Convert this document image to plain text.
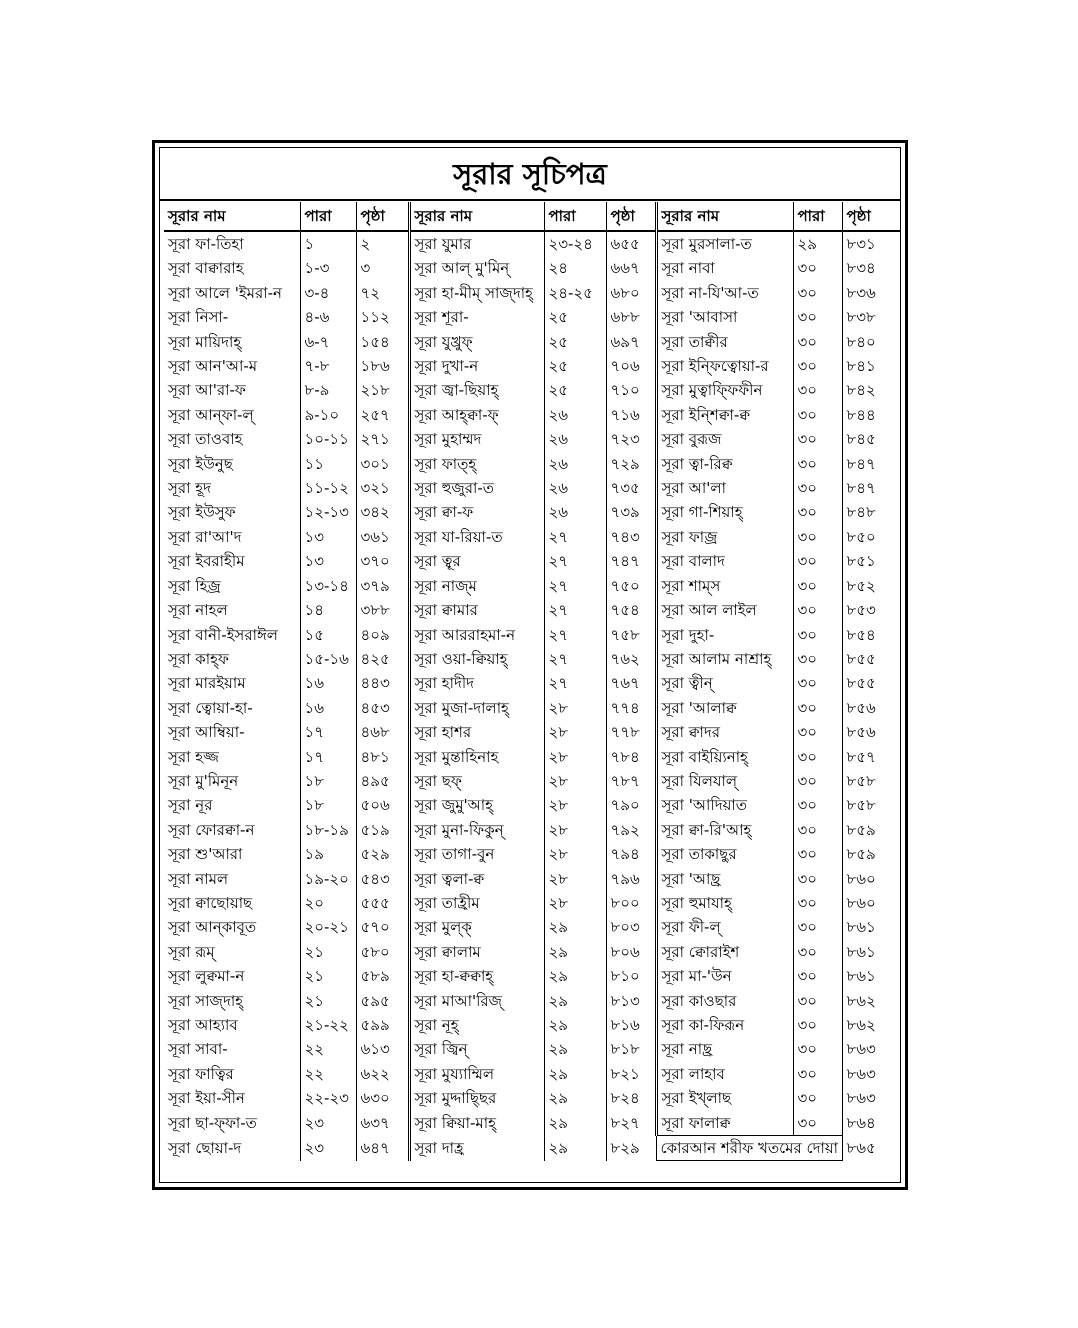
সূরার সূচিপত্র
সূরার নাম	পারা	পৃষ্ঠা	সূরার নাম	পারা	পৃষ্ঠা	সূরার নাম	পারা	পৃষ্ঠা
সূরা ফা-তিহা	১	২	সূরা যুমার	২৩-২৪	৬৫৫	সূরা মুরসালা-ত	২৯	৮৩১
সূরা বাক্বারাহ	১-৩	৩	সূরা আল্ মু'মিন্	২৪	৬৬৭	সূরা নাবা	৩০	৮৩৪
সূরা আলে 'ইমরা-ন	৩-৪	৭২	সূরা হা-মীম্ সাজ্দাহ্	২৪-২৫	৬৮০	সূরা না-যি'আ-ত	৩০	৮৩৬
সূরা নিসা-	৪-৬	১১২	সূরা শূরা-	২৫	৬৮৮	সূরা 'আবাসা	৩০	৮৩৮
সূরা মায়িদাহ্	৬-৭	১৫৪	সূরা যুখ্রুফ্	২৫	৬৯৭	সূরা তাক্বীর	৩০	৮৪০
সূরা আন'আ-ম	৭-৮	১৮৬	সূরা দুখা-ন	২৫	৭০৬	সূরা ইন্ফিত্বোয়া-র	৩০	৮৪১
সূরা আ'রা-ফ	৮-৯	২১৮	সূরা জ্বা-ছিয়াহ্	২৫	৭১০	সূরা মুত্বাফ্ফিফীন	৩০	৮৪২
সূরা আন্ফা-ল্	৯-১০	২৫৭	সূরা আহ্ক্বা-ফ্	২৬	৭১৬	সূরা ইন্শিক্বা-ক্ব	৩০	৮৪৪
সূরা তাওবাহ	১০-১১	২৭১	সূরা মুহাম্মদ	২৬	৭২৩	সূরা বুরূজ	৩০	৮৪৫
সূরা ইউনুছ	১১	৩০১	সূরা ফাত্হ্	২৬	৭২৯	সূরা ত্বা-রিক্ব	৩০	৮৪৭
সূরা হূদ	১১-১২	৩২১	সূরা হুজুরা-ত	২৬	৭৩৫	সূরা আ'লা	৩০	৮৪৭
সূরা ইউসুফ	১২-১৩	৩৪২	সূরা ক্বা-ফ	২৬	৭৩৯	সূরা গা-শিয়াহ্	৩০	৮৪৮
সূরা রা'আ'দ	১৩	৩৬১	সূরা যা-রিয়া-ত	২৭	৭৪৩	সূরা ফাজ্র	৩০	৮৫০
সূরা ইবরাহীম	১৩	৩৭০	সূরা ত্বূর	২৭	৭৪৭	সূরা বালাদ	৩০	৮৫১
সূরা হিজ্র	১৩-১৪	৩৭৯	সূরা নাজ্ম	২৭	৭৫০	সূরা শাম্স	৩০	৮৫২
সূরা নাহল	১৪	৩৮৮	সূরা ক্বামার	২৭	৭৫৪	সূরা আল লাইল	৩০	৮৫৩
সূরা বানী-ইসরাঈল	১৫	৪০৯	সূরা আররাহমা-ন	২৭	৭৫৮	সূরা দুহা-	৩০	৮৫৪
সূরা কাহ্ফ	১৫-১৬	৪২৫	সূরা ওয়া-ক্বিয়াহ্	২৭	৭৬২	সূরা আলাম নাশ্রাহ্	৩০	৮৫৫
সূরা মারইয়াম	১৬	৪৪৩	সূরা হাদীদ	২৭	৭৬৭	সূরা ত্বীন্	৩০	৮৫৫
সূরা ত্বোয়া-হা-	১৬	৪৫৩	সূরা মুজা-দালাহ্	২৮	৭৭৪	সূরা 'আলাক্ব	৩০	৮৫৬
সূরা আম্বিয়া-	১৭	৪৬৮	সূরা হাশর	২৮	৭৭৮	সূরা ক্বাদর	৩০	৮৫৬
সূরা হজ্জ	১৭	৪৮১	সূরা মুম্তাহিনাহ	২৮	৭৮৪	সূরা বাইয়্যিনাহ্	৩০	৮৫৭
সূরা মু'মিনূন	১৮	৪৯৫	সূরা ছফ্	২৮	৭৮৭	সূরা যিলযাল্	৩০	৮৫৮
সূরা নূর	১৮	৫০৬	সূরা জুমু'আহ্	২৮	৭৯০	সূরা 'আদিয়াত	৩০	৮৫৮
সূরা ফোরক্বা-ন	১৮-১৯	৫১৯	সূরা মুনা-ফিকুন্	২৮	৭৯২	সূরা ক্বা-রি'আহ্	৩০	৮৫৯
সূরা শু'আরা	১৯	৫২৯	সূরা তাগা-বুন	২৮	৭৯৪	সূরা তাকাছুর	৩০	৮৫৯
সূরা নামল	১৯-২০	৫৪৩	সূরা ত্বলা-ক্ব	২৮	৭৯৬	সূরা 'আছ্র	৩০	৮৬০
সূরা ক্বাছোয়াছ	২০	৫৫৫	সূরা তাহ্রীম	২৮	৮০০	সূরা হুমাযাহ্	৩০	৮৬০
সূরা আন্কাবূত	২০-২১	৫৭০	সূরা মুল্ক্	২৯	৮০৩	সূরা ফী-ল্	৩০	৮৬১
সূরা রূম্	২১	৫৮০	সূরা ক্বালাম	২৯	৮০৬	সূরা ক্বোরাইশ	৩০	৮৬১
সূরা লুক্বমা-ন	২১	৫৮৯	সূরা হা-ক্বক্বাহ্	২৯	৮১০	সূরা মা-'উন	৩০	৮৬১
সূরা সাজ্দাহ্	২১	৫৯৫	সূরা মাআ'রিজ্	২৯	৮১৩	সূরা কাওছার	৩০	৮৬২
সূরা আহ্যাব	২১-২২	৫৯৯	সূরা নূহ্	২৯	৮১৬	সূরা কা-ফিরূন	৩০	৮৬২
সূরা সাবা-	২২	৬১৩	সূরা জ্বিন্	২৯	৮১৮	সূরা নাছ্র	৩০	৮৬৩
সূরা ফাত্বির	২২	৬২২	সূরা মুয্যাম্মিল	২৯	৮২১	সূরা লাহাব	৩০	৮৬৩
সূরা ইয়া-সীন	২২-২৩	৬৩০	সূরা মুদ্দাছ্ছির	২৯	৮২৪	সূরা ইখ্লাছ	৩০	৮৬৩
সূরা ছা-ফ্ফা-ত	২৩	৬৩৭	সূরা ক্বিয়া-মাহ্	২৯	৮২৭	সূরা ফালাক্ব	৩০	৮৬৪
সূরা ছোয়া-দ	২৩	৬৪৭	সূরা দাহ্র	২৯	৮২৯	কোরআন শরীফ খতমের দোয়া		৮৬৫
